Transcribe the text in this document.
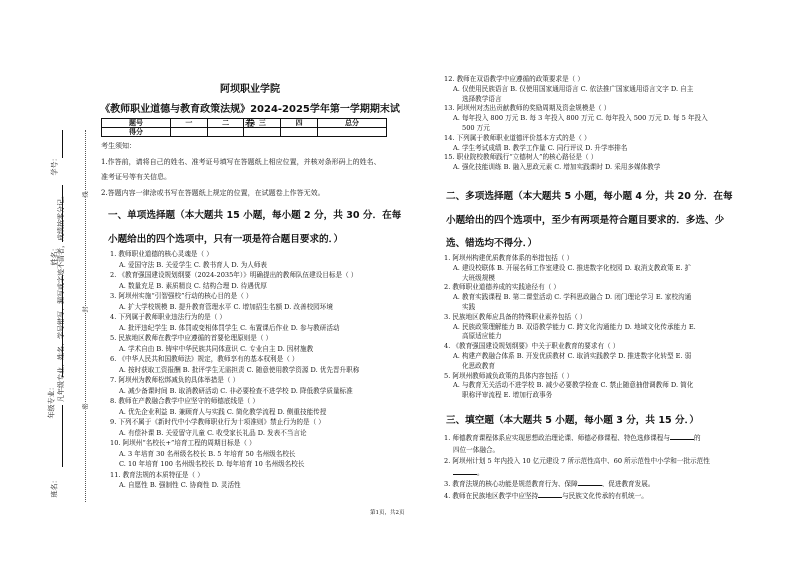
学号：
姓名：
年级专业：
班名：
凡年级专业、姓名、学号错写、漏写或字迹不清者，成绩按零分记。	线
封
密
阿坝职业学院
《教师职业道德与教育政策法规》2024-2025学年第一学期期末试卷
题号	一	二	三	四	总分
得分					
考生须知：
1.作答前，请将自己的姓名、准考证号填写在答题纸上相应位置，并核对条形码上的姓名、
准考证号等有关信息。
2.答题内容一律涂或书写在答题纸上规定的位置，在试题卷上作答无效。
一、单项选择题（本大题共 15 小题，每小题 2 分，共 30 分．在每
小题给出的四个选项中，只有一项是符合题目要求的．）
1. 教师职业道德的核心灵魂是（ ）
A. 爱国守法 B. 关爱学生 C. 教书育人 D. 为人师表
2. 《教育强国建设规划纲要（2024-2035年）》明确提出的教师队伍建设目标是（ ）
A. 数量充足 B. 素质精良 C. 结构合理 D. 待遇优厚
3. 阿坝州实施“引智强校”行动的核心目的是（ ）
A. 扩大学校规模 B. 提升教育管理水平 C. 增加招生名额 D. 改善校园环境
4. 下列属于教师职业违法行为的是（ ）
A. 批评违纪学生 B. 体罚或变相体罚学生 C. 布置课后作业 D. 参与教研活动
5. 民族地区教师在教学中应遵循的首要伦理原则是（ ）
A. 学术自由 B. 铸牢中华民族共同体意识 C. 专业自主 D. 因材施教
6. 《中华人民共和国教师法》规定，教师享有的基本权利是（ ）
A. 按时获取工资报酬 B. 批评学生无需担责 C. 随意使用教学资源 D. 优先晋升职称
7. 阿坝州为教师松绑减负的具体举措是（ ）
A. 减少备课时间 B. 取消教研活动 C. 非必要检查不进学校 D. 降低教学质量标准
8. 教师在产教融合教学中应坚守的师德底线是（ ）
A. 优先企业利益 B. 兼顾育人与实践 C. 简化教学流程 D. 侧重技能传授
9. 下列不属于《新时代中小学教师职业行为十项准则》禁止行为的是（ ）
A. 有偿补课 B. 关爱留守儿童 C. 收受家长礼品 D. 发表不当言论
10. 阿坝州“名校长+”培育工程的周期目标是（ ）
A. 3 年培育 30 名州级名校长 B. 5 年培育 50 名州级名校长
C. 10 年培育 100 名州级名校长 D. 每年培育 10 名州级名校长
11. 教育法规的本质特征是（ ）
A. 自愿性 B. 强制性 C. 协商性 D. 灵活性
12. 教师在双语教学中应遵循的政策要求是（ ）
A. 仅使用民族语言 B. 仅使用国家通用语言 C. 依法推广国家通用语言文字 D. 自主
选择教学语言
13. 阿坝州对杰出贡献教师的奖励周期及资金规模是（ ）
A. 每年投入 800 万元 B. 每 3 年投入 800 万元 C. 每年投入 500 万元 D. 每 5 年投入
500 万元
14. 下列属于教师职业道德评价基本方式的是（ ）
A. 学生考试成绩 B. 教学工作量 C. 同行评议 D. 升学率排名
15. 职业院校教师践行“立德树人”的核心路径是（ ）
A. 强化技能训练 B. 融入思政元素 C. 增加实践课时 D. 采用多媒体教学
二、多项选择题（本大题共 5 小题，每小题 4 分，共 20 分．在每
小题给出的四个选项中，至少有两项是符合题目要求的．多选、少
选、错选均不得分．）
1. 阿坝州构建优质教育体系的举措包括（ ）
A. 建设校联体 B. 开展名师工作室建设 C. 推进数字化校园 D. 取消支教政策 E. 扩
大班级规模
2. 教师职业道德养成的实践途径有（ ）
A. 教育实践课程 B. 第二课堂活动 C. 学科思政融合 D. 闭门理论学习 E. 家校沟通
实践
3. 民族地区教师应具备的特殊职业素养包括（ ）
A. 民族政策理解能力 B. 双语教学能力 C. 跨文化沟通能力 D. 地域文化传承能力 E.
高原适应能力
4. 《教育强国建设规划纲要》中关于职业教育的要求有（ ）
A. 构建产教融合体系 B. 开发优质教材 C. 取消实践教学 D. 推进数字化转型 E. 弱
化思政教育
5. 阿坝州教师减负政策的具体内容包括（ ）
A. 与教育无关活动不进学校 B. 减少必要教学检查 C. 禁止随意抽借调教师 D. 简化
职称评审流程 E. 增加行政事务
三、填空题（本大题共 5 小题，每小题 3 分，共 15 分．）
1. 师德教育课程体系应实现思想政治理论课、师德必修课程、特色选修课程与	的
四位一体融合。
2. 阿坝州计划 5 年内投入 10 亿元建设 7 所示范性高中、60 所示范性中小学和一批示范性
。
3. 教育法规的核心功能是规范教育行为、保障	、促进教育发展。
4. 教师在民族地区教学中应坚持	与民族文化传承的有机统一。
第1页，共2页
